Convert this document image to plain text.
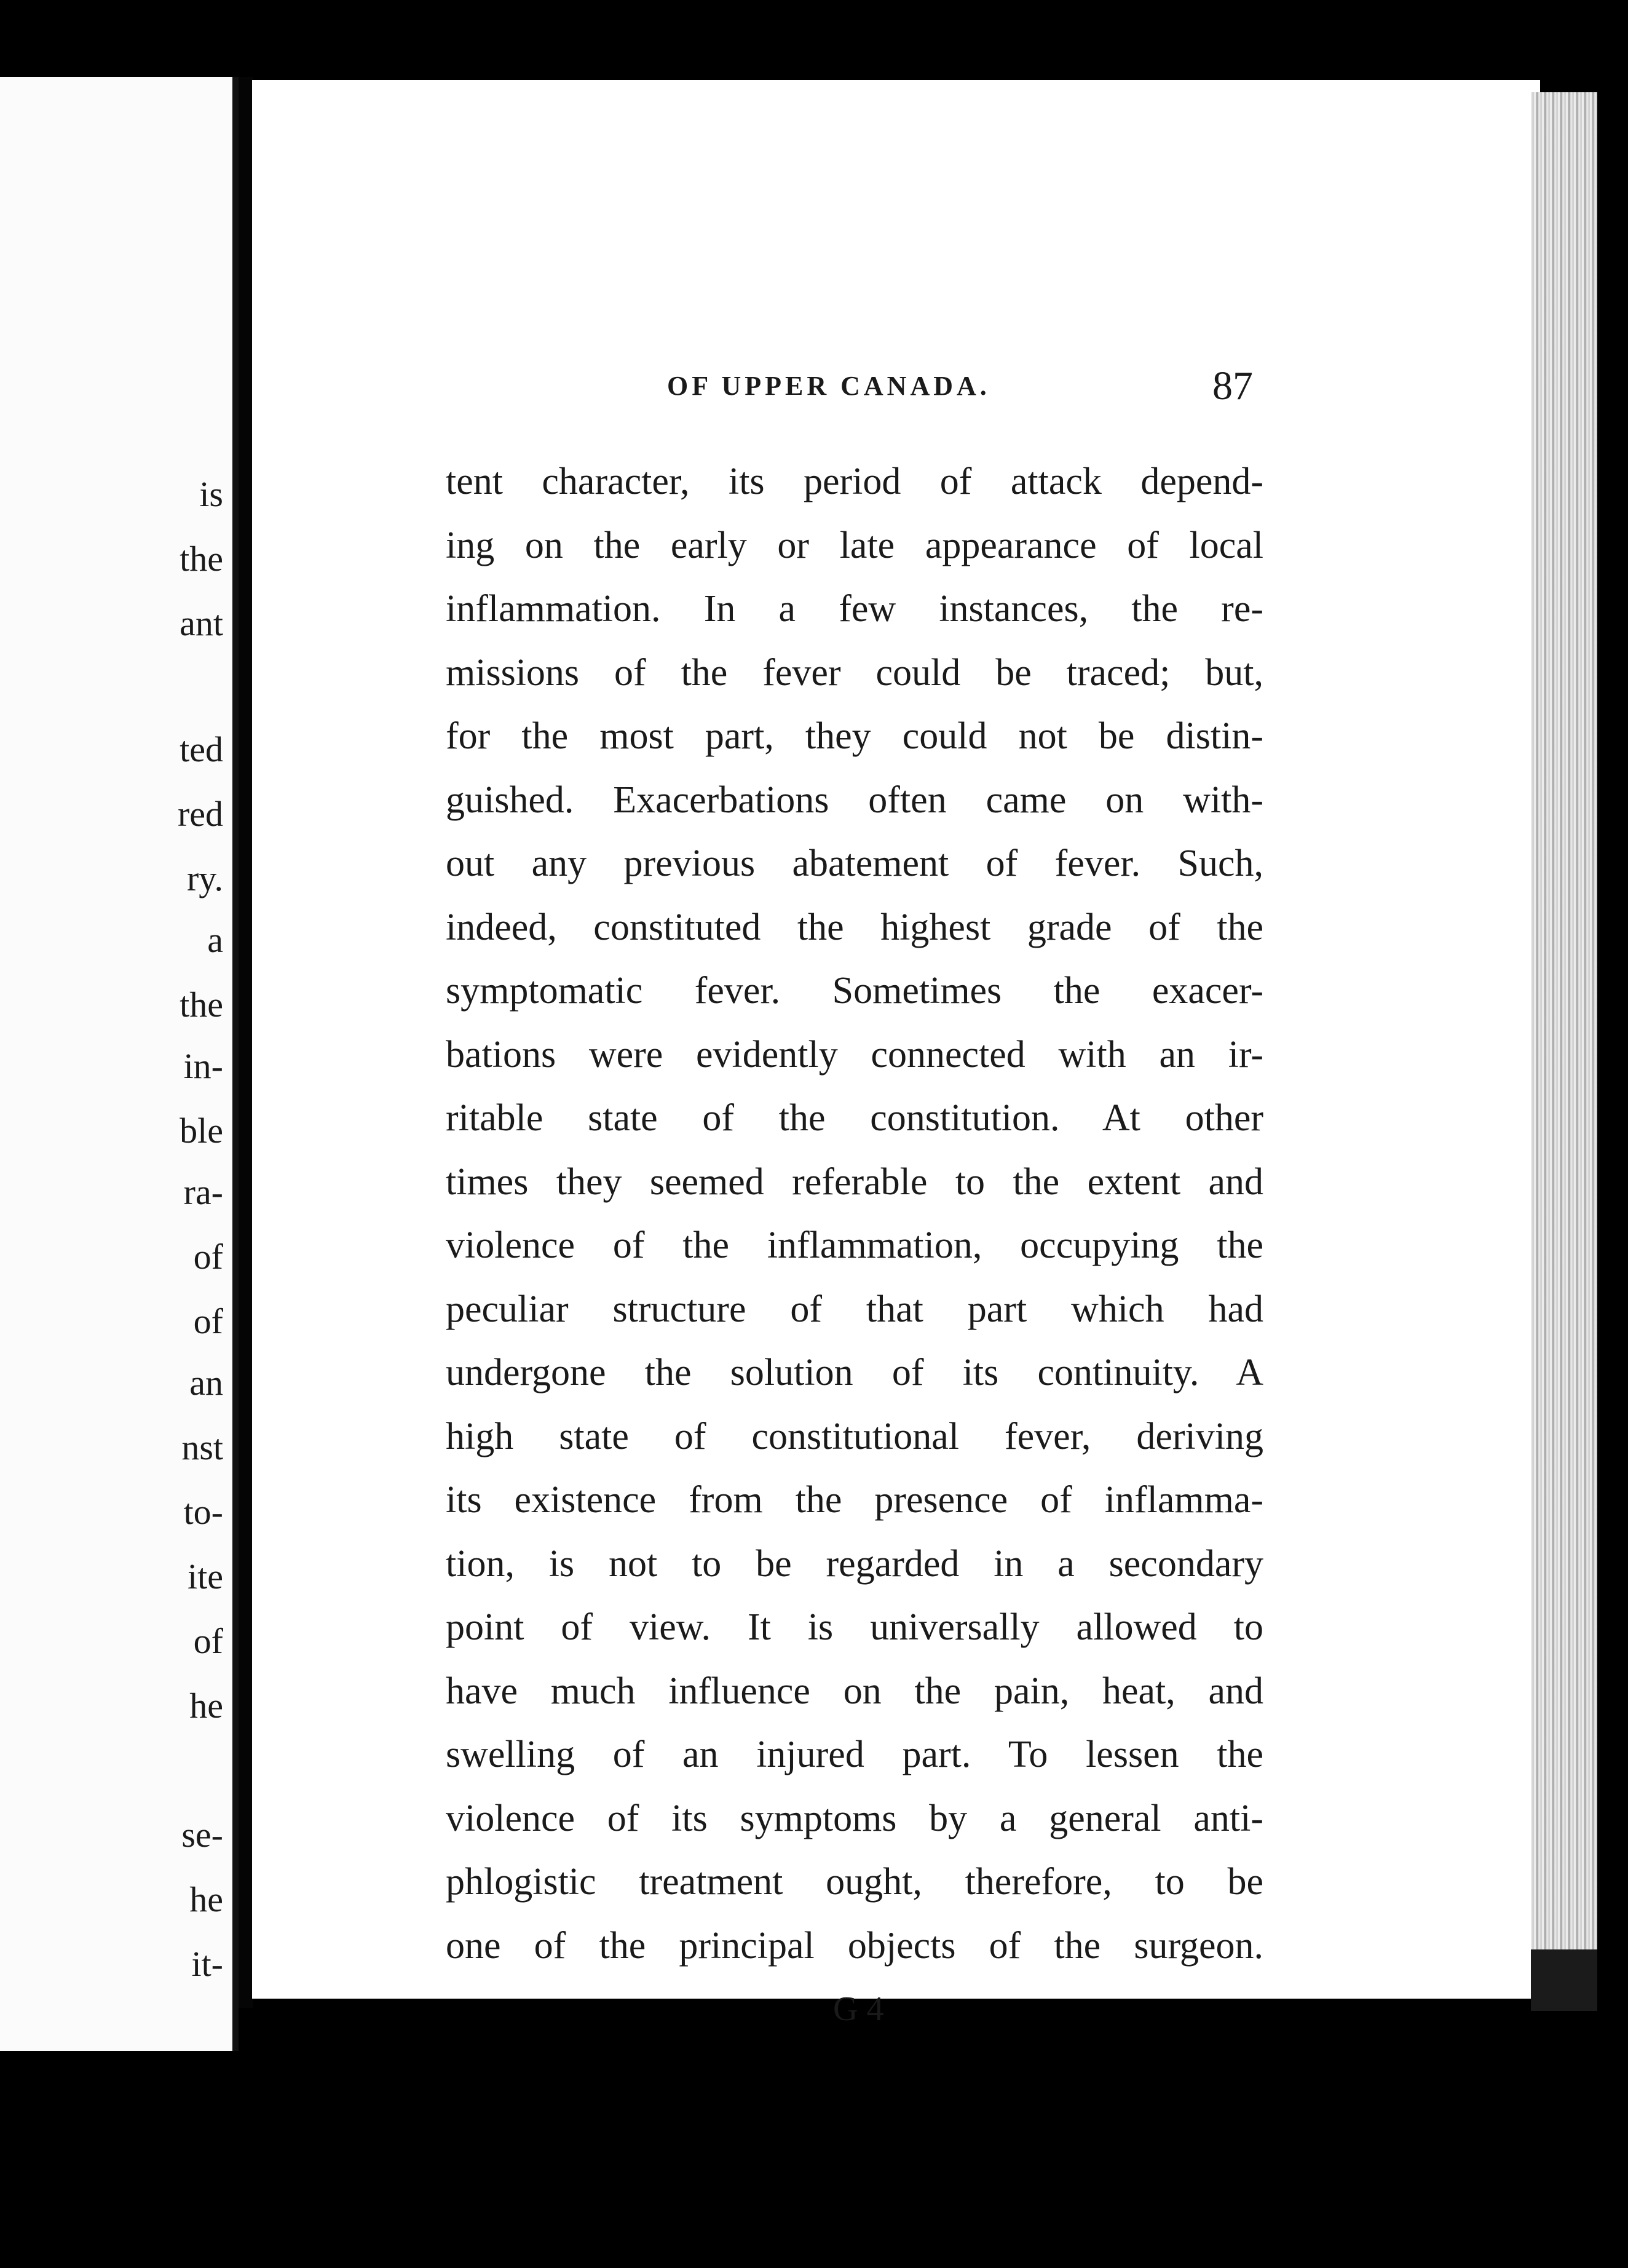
is
the
ant
ted
red
ry.
a
the
in-
ble
ra-
of
of
an
nst
to-
ite
of
he
se-
he
it-
OF UPPER CANADA.	87
tent character, its period of attack depend-
ing on the early or late appearance of local
inflammation. In a few instances, the re-
missions of the fever could be traced; but,
for the most part, they could not be distin-
guished. Exacerbations often came on with-
out any previous abatement of fever. Such,
indeed, constituted the highest grade of the
symptomatic fever. Sometimes the exacer-
bations were evidently connected with an ir-
ritable state of the constitution. At other
times they seemed referable to the extent and
violence of the inflammation, occupying the
peculiar structure of that part which had
undergone the solution of its continuity. A
high state of constitutional fever, deriving
its existence from the presence of inflamma-
tion, is not to be regarded in a secondary
point of view. It is universally allowed to
have much influence on the pain, heat, and
swelling of an injured part. To lessen the
violence of its symptoms by a general anti-
phlogistic treatment ought, therefore, to be
one of the principal objects of the surgeon.
G 4
